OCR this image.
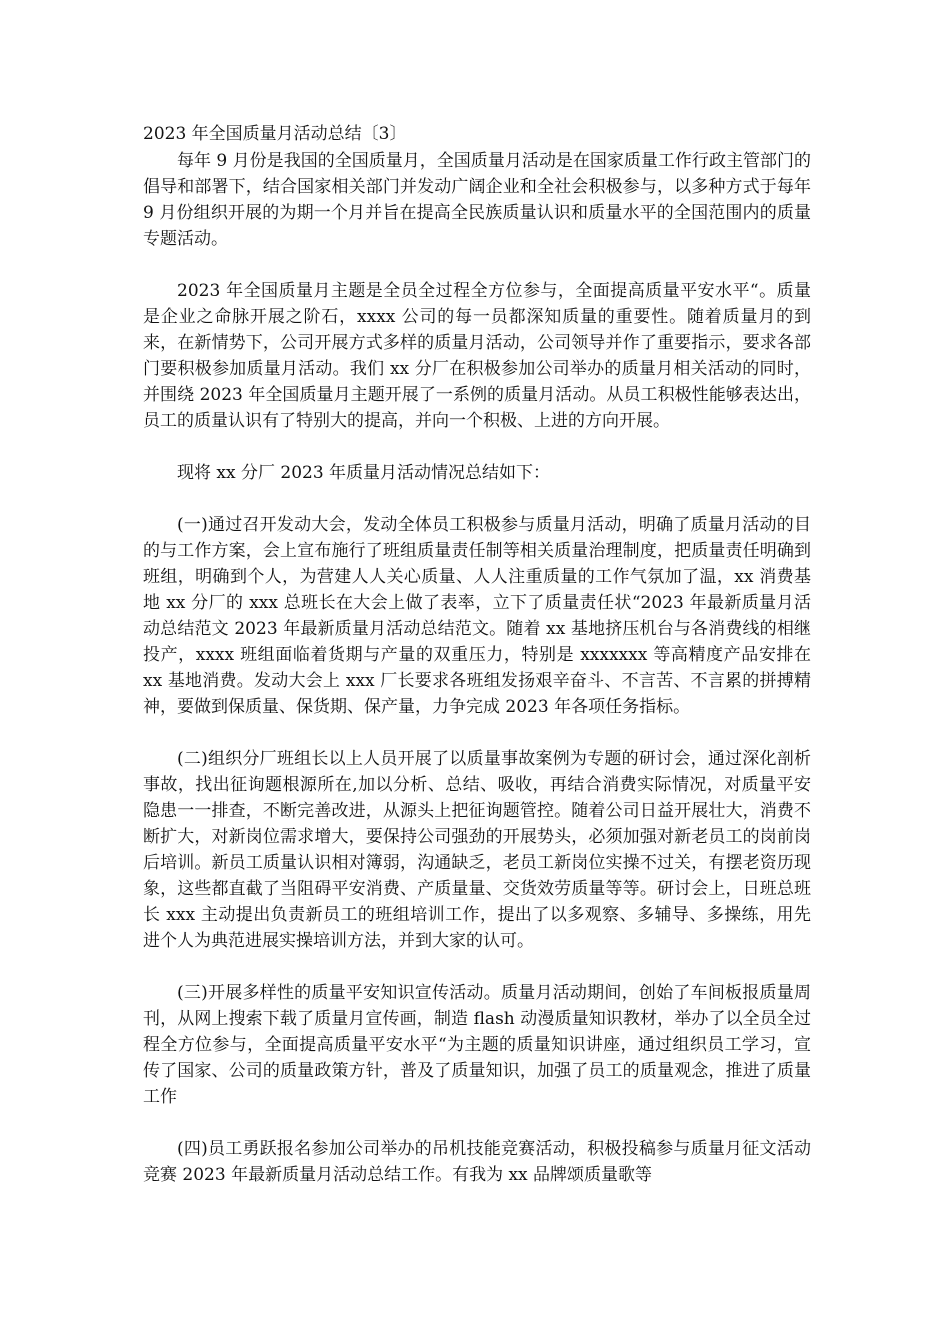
2023 年全国质量月活动总结〔3〕

每年 9 月份是我国的全国质量月，全国质量月活动是在国家质量工作行政主管部门的倡导和部署下，结合国家相关部门并发动广阔企业和全社会积极参与，以多种方式于每年 9 月份组织开展的为期一个月并旨在提高全民族质量认识和质量水平的全国范围内的质量专题活动。

2023 年全国质量月主题是全员全过程全方位参与，全面提高质量平安水平“。质量是企业之命脉开展之阶石，xxxx 公司的每一员都深知质量的重要性。随着质量月的到来，在新情势下，公司开展方式多样的质量月活动，公司领导并作了重要指示，要求各部门要积极参加质量月活动。我们 xx 分厂在积极参加公司举办的质量月相关活动的同时，并围绕 2023 年全国质量月主题开展了一系例的质量月活动。从员工积极性能够表达出，员工的质量认识有了特别大的提高，并向一个积极、上进的方向开展。

现将 xx 分厂 2023 年质量月活动情况总结如下：

(一)通过召开发动大会，发动全体员工积极参与质量月活动，明确了质量月活动的目的与工作方案，会上宣布施行了班组质量责任制等相关质量治理制度，把质量责任明确到班组，明确到个人，为营建人人关心质量、人人注重质量的工作气氛加了温，xx 消费基地 xx 分厂的 xxx 总班长在大会上做了表率，立下了质量责任状“2023 年最新质量月活动总结范文 2023 年最新质量月活动总结范文。随着 xx 基地挤压机台与各消费线的相继投产，xxxx 班组面临着货期与产量的双重压力，特别是 xxxxxxx 等高精度产品安排在 xx 基地消费。发动大会上 xxx 厂长要求各班组发扬艰辛奋斗、不言苦、不言累的拼搏精神，要做到保质量、保货期、保产量，力争完成 2023 年各项任务指标。

(二)组织分厂班组长以上人员开展了以质量事故案例为专题的研讨会，通过深化剖析事故，找出征询题根源所在,加以分析、总结、吸收，再结合消费实际情况，对质量平安隐患一一排查，不断完善改进，从源头上把征询题管控。随着公司日益开展壮大，消费不断扩大，对新岗位需求增大，要保持公司强劲的开展势头，必须加强对新老员工的岗前岗后培训。新员工质量认识相对簿弱，沟通缺乏，老员工新岗位实操不过关，有摆老资历现象，这些都直截了当阻碍平安消费、产质量量、交货效劳质量等等。研讨会上，日班总班长 xxx 主动提出负责新员工的班组培训工作，提出了以多观察、多辅导、多操练，用先进个人为典范进展实操培训方法，并到大家的认可。

(三)开展多样性的质量平安知识宣传活动。质量月活动期间，创始了车间板报质量周刊，从网上搜索下载了质量月宣传画，制造 flash 动漫质量知识教材，举办了以全员全过程全方位参与，全面提高质量平安水平“为主题的质量知识讲座，通过组织员工学习，宣传了国家、公司的质量政策方针，普及了质量知识，加强了员工的质量观念，推进了质量工作

(四)员工勇跃报名参加公司举办的吊机技能竞赛活动，积极投稿参与质量月征文活动竞赛 2023 年最新质量月活动总结工作。有我为 xx 品牌颂质量歌等
